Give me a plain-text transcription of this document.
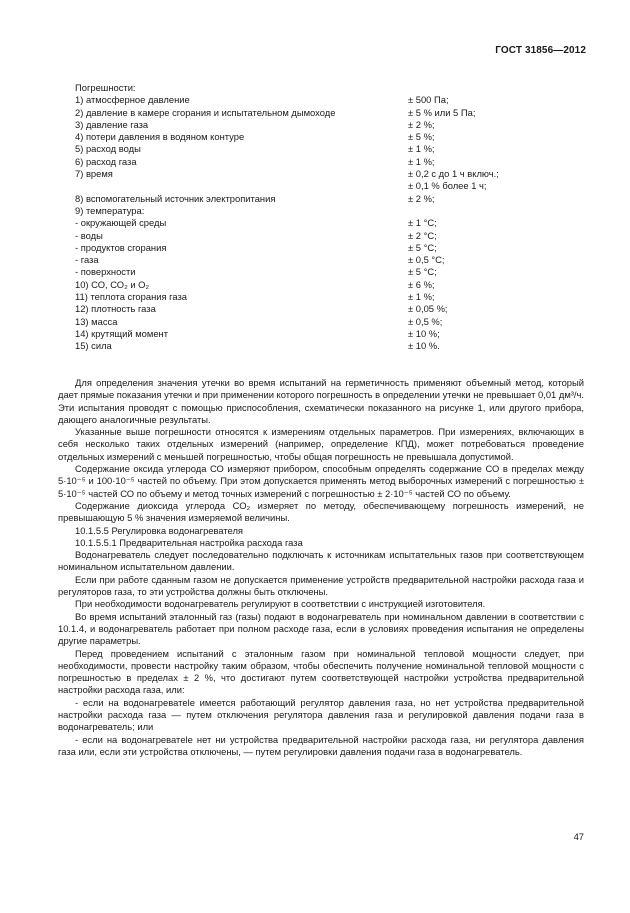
ГОСТ 31856—2012
Погрешности:
1) атмосферное давление	± 500 Па;
2) давление в камере сгорания и испытательном дымоходе	± 5 % или 5 Па;
3) давление газа	± 2 %;
4) потери давления в водяном контуре	± 5 %;
5) расход воды	± 1 %;
6) расход газа	± 1 %;
7) время	± 0,2 с до 1 ч включ.;
± 0,1 % более 1 ч;
8) вспомогательный источник электропитания	± 2 %;
9) температура:
- окружающей среды	± 1 °С;
- воды	± 2 °С;
- продуктов сгорания	± 5 °С;
- газа	± 0,5 °С;
- поверхности	± 5 °С;
10) СО, СО₂ и О₂	± 6 %;
11) теплота сгорания газа	± 1 %;
12) плотность газа	± 0,05 %;
13) масса	± 0,5 %;
14) крутящий момент	± 10 %;
15) сила	± 10 %.

Для определения значения утечки во время испытаний на герметичность применяют объемный метод, который дает прямые показания утечки и при применении которого погрешность в определении утечки не превышает 0,01 дм³/ч. Эти испытания проводят с помощью приспособления, схематически показанного на рисунке 1, или другого прибора, дающего аналогичные результаты.

Указанные выше погрешности относятся к измерениям отдельных параметров. При измерениях, включающих в себя несколько таких отдельных измерений (например, определение КПД), может потребоваться проведение отдельных измерений с меньшей погрешностью, чтобы общая погрешность не превышала допустимой.

Содержание оксида углерода СО измеряют прибором, способным определять содержание СО в пределах между 5·10⁻⁵ и 100·10⁻⁵ частей по объему. При этом допускается применять метод выборочных измерений с погрешностью ± 5·10⁻⁵ частей СО по объему и метод точных измерений с погрешностью ± 2·10⁻⁵ частей СО по объему.

Содержание диоксида углерода СО₂ измеряет по методу, обеспечивающему погрешность измерений, не превышающую 5 % значения измеряемой величины.

10.1.5.5 Регулировка водонагревателя

10.1.5.5.1 Предварительная настройка расхода газа

Водонагреватель следует последовательно подключать к источникам испытательных газов при соответствующем номинальном испытательном давлении.

Если при работе сданным газом не допускается применение устройств предварительной настройки расхода газа и регуляторов газа, то эти устройства должны быть отключены.

При необходимости водонагреватель регулируют в соответствии с инструкцией изготовителя.

Во время испытаний эталонный газ (газы) подают в водонагреватель при номинальном давлении в соответствии с 10.1.4, и водонагреватель работает при полном расходе газа, если в условиях проведения испытания не определены другие параметры.

Перед проведением испытаний с эталонным газом при номинальной тепловой мощности следует, при необходимости, провести настройку таким образом, чтобы обеспечить получение номинальной тепловой мощности с погрешностью в пределах ± 2 %, что достигают путем соответствующей настройки устройства предварительной настройки расхода газа, или:

- если на водонагреватele имеется работающий регулятор давления газа, но нет устройства предварительной настройки расхода газа — путем отключения регулятора давления газа и регулировкой давления подачи газа в водонагреватель; или

- если на водонагреватele нет ни устройства предварительной настройки расхода газа, ни регулятора давления газа или, если эти устройства отключены, — путем регулировки давления подачи газа в водонагреватель.

47
